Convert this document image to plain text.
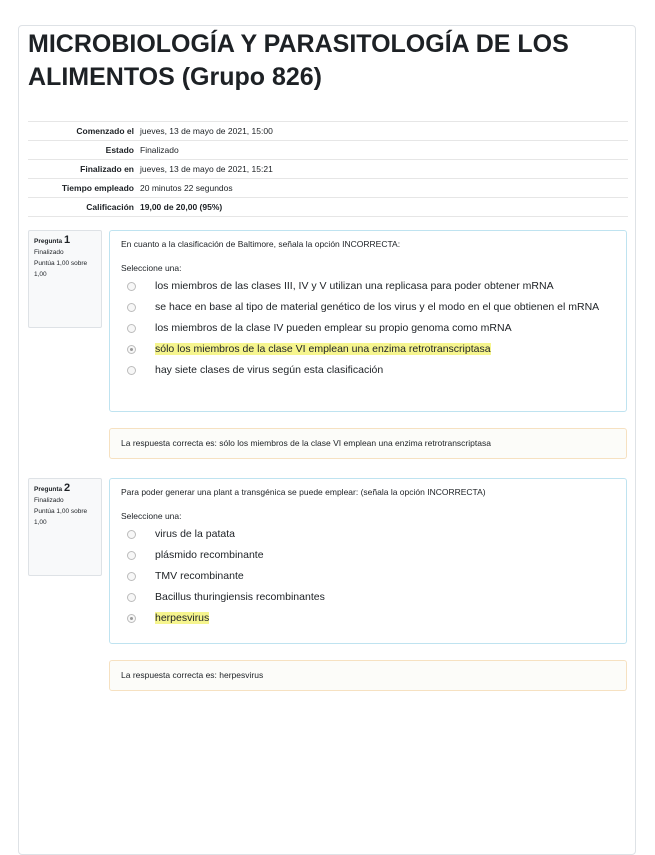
MICROBIOLOGÍA Y PARASITOLOGÍA DE LOS ALIMENTOS (Grupo 826)
Comenzado el	jueves, 13 de mayo de 2021, 15:00
Estado	Finalizado
Finalizado en	jueves, 13 de mayo de 2021, 15:21
Tiempo empleado	20 minutos 22 segundos
Calificación	19,00 de 20,00 (95%)
Pregunta 1
Finalizado
Puntúa 1,00 sobre 1,00
En cuanto a la clasificación de Baltimore, señala la opción INCORRECTA:
Seleccione una:
los miembros de las clases III, IV y V utilizan una replicasa para poder obtener mRNA
se hace en base al tipo de material genético de los virus y el modo en el que obtienen el mRNA
los miembros de la clase IV pueden emplear su propio genoma como mRNA
sólo los miembros de la clase VI emplean una enzima retrotranscriptasa
hay siete clases de virus según esta clasificación
La respuesta correcta es: sólo los miembros de la clase VI emplean una enzima retrotranscriptasa
Pregunta 2
Finalizado
Puntúa 1,00 sobre 1,00
Para poder generar una plant a transgénica se puede emplear: (señala la opción INCORRECTA)
Seleccione una:
virus de la patata
plásmido recombinante
TMV recombinante
Bacillus thuringiensis recombinantes
herpesvirus
La respuesta correcta es: herpesvirus
